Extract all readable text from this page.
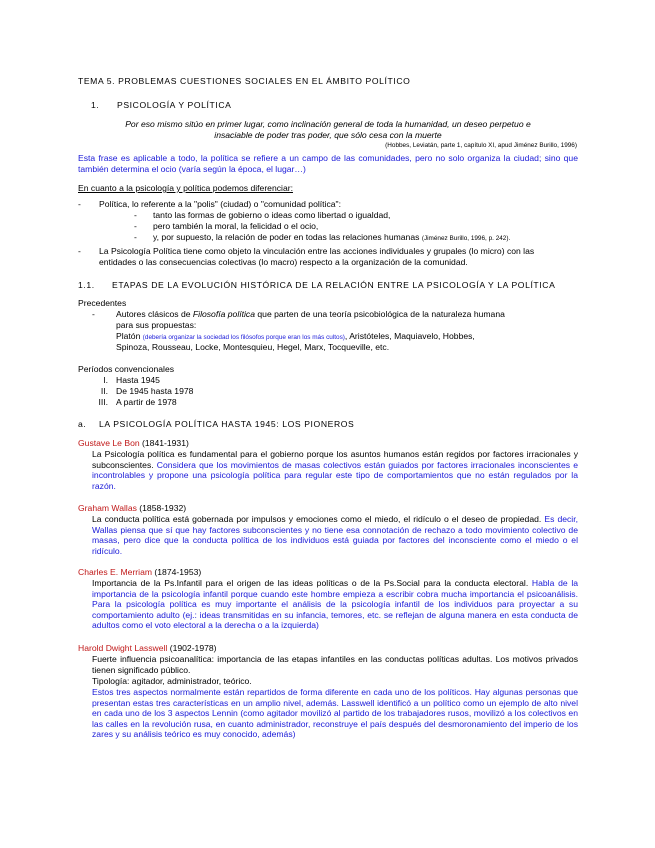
TEMA 5. PROBLEMAS CUESTIONES SOCIALES EN EL ÁMBITO POLÍTICO
1. PSICOLOGÍA Y POLÍTICA
Por eso mismo sitúo en primer lugar, como inclinación general de toda la humanidad, un deseo perpetuo e
insaciable de poder tras poder, que sólo cesa con la muerte
(Hobbes, Leviatán, parte 1, capítulo XI, apud Jiménez Burillo, 1996)

Esta frase es aplicable a todo, la política se refiere a un campo de las comunidades, pero no solo organiza la ciudad; sino que también determina el ocio (varía según la época, el lugar…)

En cuanto a la psicología y política podemos diferenciar:
- Política, lo referente a la "polis" (ciudad) o "comunidad política":
- tanto las formas de gobierno o ideas como libertad o igualdad,
- pero también la moral, la felicidad o el ocio,
- y, por supuesto, la relación de poder en todas las relaciones humanas (Jiménez Burillo, 1996, p. 242).
- La Psicología Política tiene como objeto la vinculación entre las acciones individuales y grupales (lo micro) con las entidades o las consecuencias colectivas (lo macro) respecto a la organización de la comunidad.

1.1. ETAPAS DE LA EVOLUCIÓN HISTÓRICA DE LA RELACIÓN ENTRE LA PSICOLOGÍA Y LA POLÍTICA
Precedentes
- Autores clásicos de Filosofía política que parten de una teoría psicobiológica de la naturaleza humana
para sus propuestas:
Platón (debería organizar la sociedad los filósofos porque eran los más cultos), Aristóteles, Maquiavelo, Hobbes,
Spinoza, Rousseau, Locke, Montesquieu, Hegel, Marx, Tocqueville, etc.
Períodos convencionales
I. Hasta 1945
II. De 1945 hasta 1978
III. A partir de 1978
a. LA PSICOLOGÍA POLÍTICA HASTA 1945: LOS PIONEROS
Gustave Le Bon (1841-1931)

La Psicología política es fundamental para el gobierno porque los asuntos humanos están regidos por factores irracionales y subconscientes. Considera que los movimientos de masas colectivos están guiados por factores irracionales inconscientes e incontrolables y propone una psicología política para regular este tipo de comportamientos que no están regulados por la razón.

Graham Wallas (1858-1932)

La conducta política está gobernada por impulsos y emociones como el miedo, el ridículo o el deseo de propiedad. Es decir, Wallas piensa que sí que hay factores subconscientes y no tiene esa connotación de rechazo a todo movimiento colectivo de masas, pero dice que la conducta política de los individuos está guiada por factores del inconsciente como el miedo o el ridículo.

Charles E. Merriam (1874-1953)

Importancia de la Ps.Infantil para el origen de las ideas políticas o de la Ps.Social para la conducta electoral. Habla de la importancia de la psicología infantil porque cuando este hombre empieza a escribir cobra mucha importancia el psicoanálisis. Para la psicología política es muy importante el análisis de la psicología infantil de los individuos para proyectar a su comportamiento adulto (ej.: ideas transmitidas en su infancia, temores, etc. se reflejan de alguna manera en esta conducta de adultos como el voto electoral a la derecha o a la izquierda)

Harold Dwight Lasswell (1902-1978)

Fuerte influencia psicoanalítica: importancia de las etapas infantiles en las conductas políticas adultas. Los motivos privados tienen significado público.

Tipología: agitador, administrador, teórico.

Estos tres aspectos normalmente están repartidos de forma diferente en cada uno de los políticos. Hay algunas personas que presentan estas tres características en un amplio nivel, además. Lasswell identificó a un político como un ejemplo de alto nivel en cada uno de los 3 aspectos Lennin (como agitador movilizó al partido de los trabajadores rusos, movilizó a los colectivos en las calles en la revolución rusa, en cuanto administrador, reconstruye el país después del desmoronamiento del imperio de los zares y su análisis teórico es muy conocido, además)
